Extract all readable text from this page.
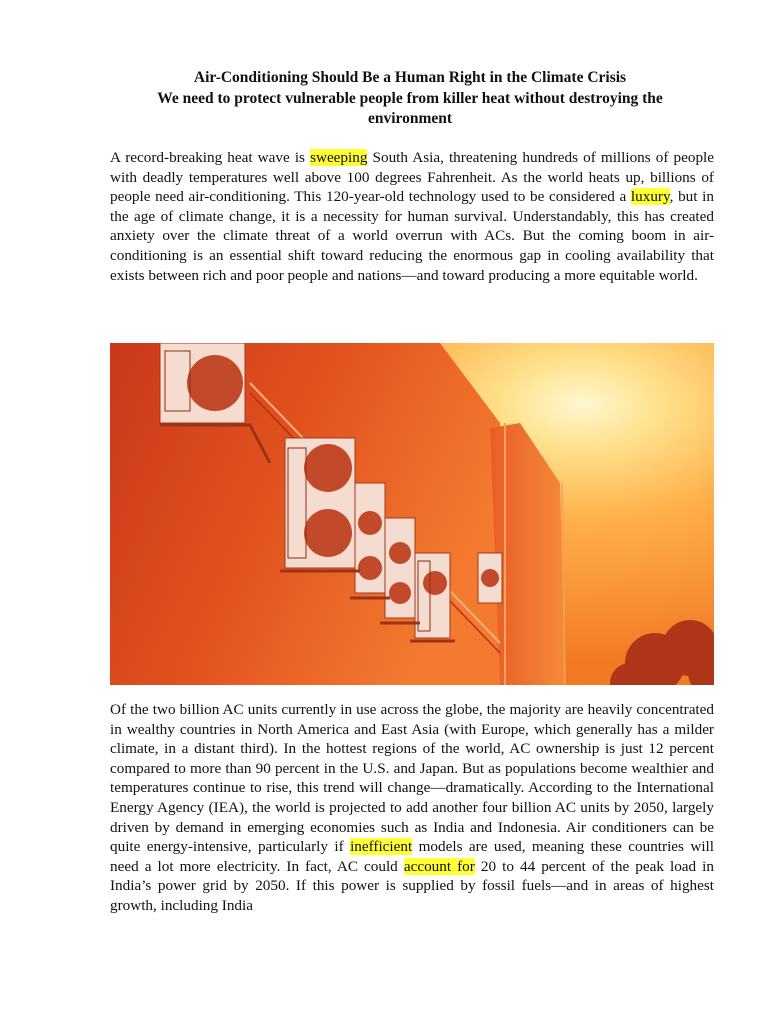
Air-Conditioning Should Be a Human Right in the Climate Crisis
We need to protect vulnerable people from killer heat without destroying the
environment
A record-breaking heat wave is sweeping South Asia, threatening hundreds of millions of people with deadly temperatures well above 100 degrees Fahrenheit. As the world heats up, billions of people need air-conditioning. This 120-year-old technology used to be considered a luxury, but in the age of climate change, it is a necessity for human survival. Understandably, this has created anxiety over the climate threat of a world overrun with ACs. But the coming boom in air-conditioning is an essential shift toward reducing the enormous gap in cooling availability that exists between rich and poor people and nations—and toward producing a more equitable world.
Of the two billion AC units currently in use across the globe, the majority are heavily concentrated in wealthy countries in North America and East Asia (with Europe, which generally has a milder climate, in a distant third). In the hottest regions of the world, AC ownership is just 12 percent compared to more than 90 percent in the U.S. and Japan. But as populations become wealthier and temperatures continue to rise, this trend will change—dramatically. According to the International Energy Agency (IEA), the world is projected to add another four billion AC units by 2050, largely driven by demand in emerging economies such as India and Indonesia. Air conditioners can be quite energy-intensive, particularly if inefficient models are used, meaning these countries will need a lot more electricity. In fact, AC could account for 20 to 44 percent of the peak load in India’s power grid by 2050. If this power is supplied by fossil fuels—and in areas of highest growth, including India
